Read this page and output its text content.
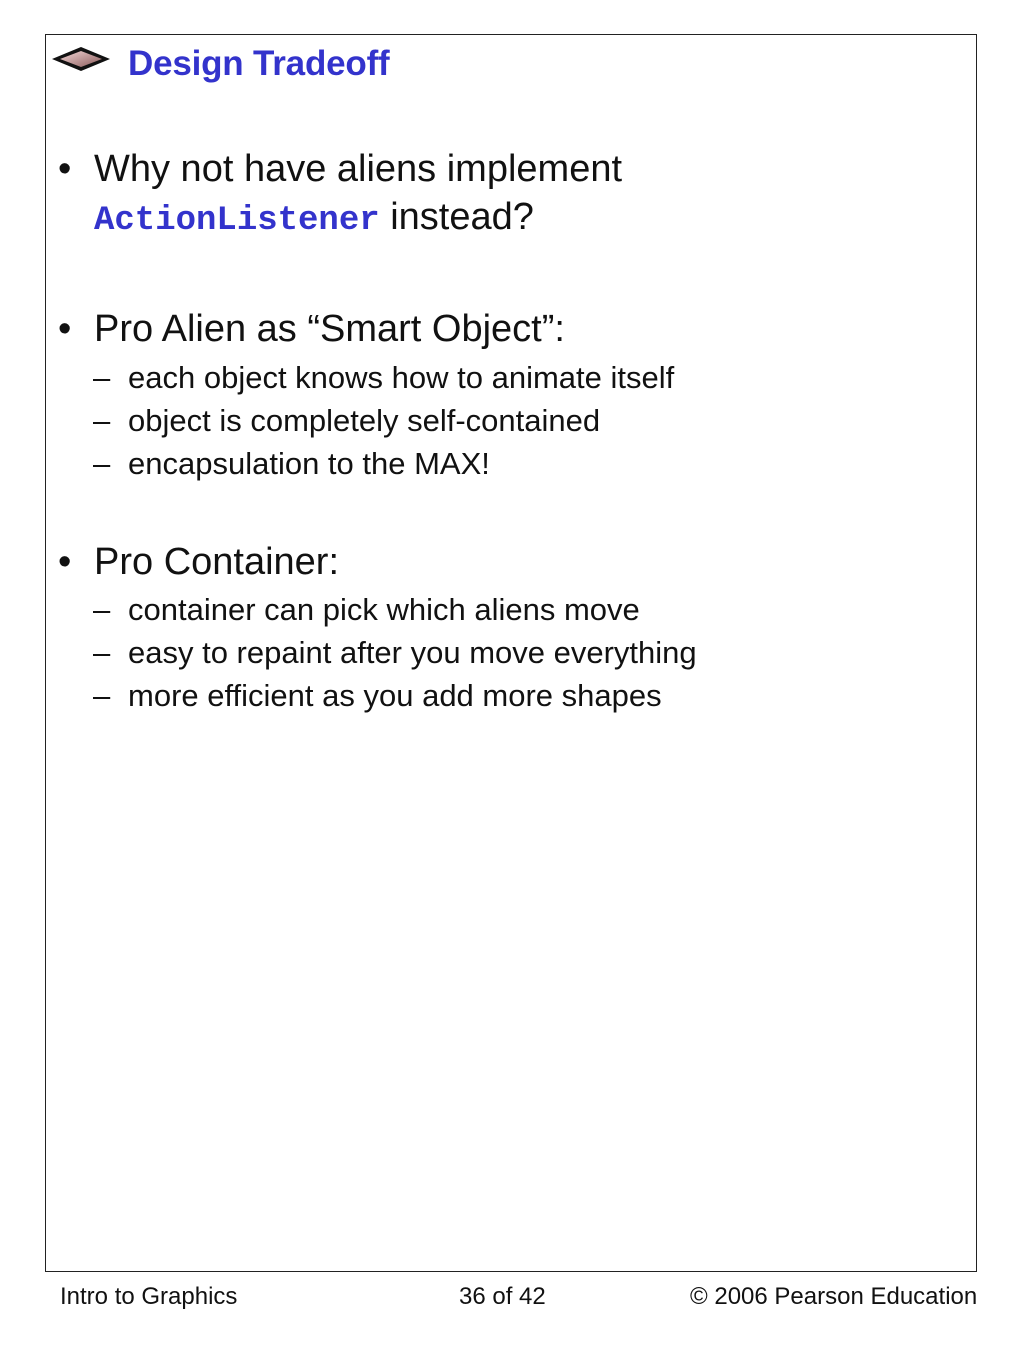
Design Tradeoff
• Why not have aliens implement
ActionListener instead?
• Pro Alien as “Smart Object”:
– each object knows how to animate itself
– object is completely self-contained
– encapsulation to the MAX!
• Pro Container:
– container can pick which aliens move
– easy to repaint after you move everything
– more efficient as you add more shapes
Intro to Graphics	36 of 42	© 2006 Pearson Education
